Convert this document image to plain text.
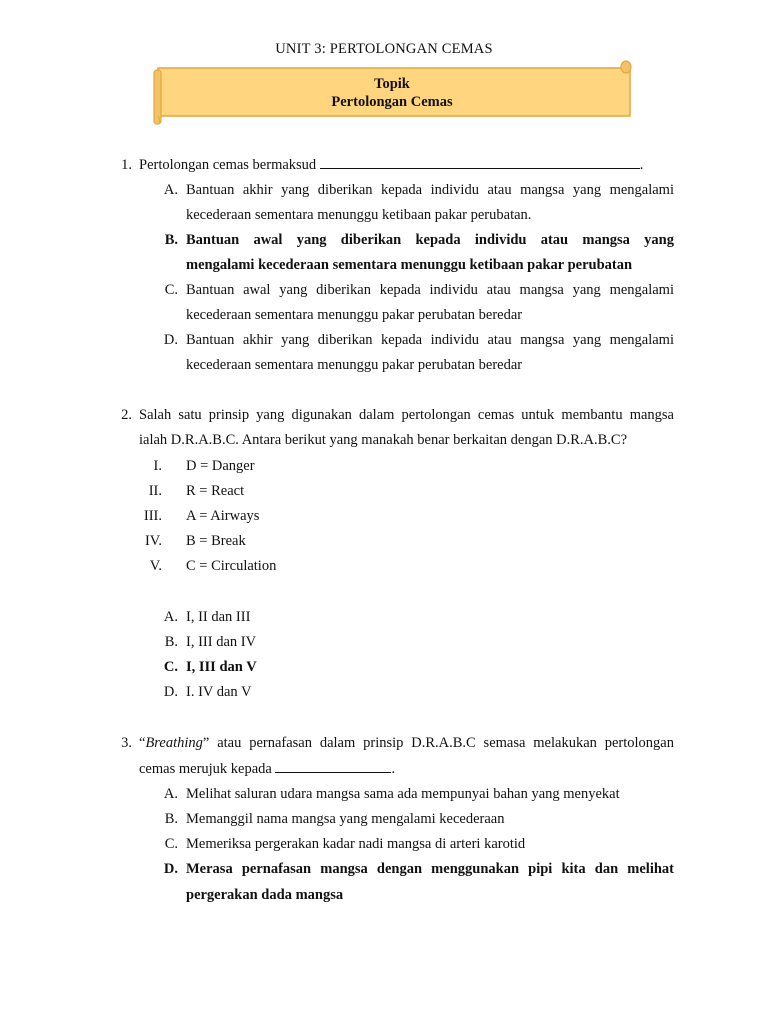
UNIT 3: PERTOLONGAN CEMAS
Topik
Pertolongan Cemas
1. Pertolongan cemas bermaksud	.
A. Bantuan akhir yang diberikan kepada individu atau mangsa yang mengalami
kecederaan sementara menunggu ketibaan pakar perubatan.
B. Bantuan awal yang diberikan kepada individu atau mangsa yang
mengalami kecederaan sementara menunggu ketibaan pakar perubatan
C. Bantuan awal yang diberikan kepada individu atau mangsa yang mengalami
kecederaan sementara menunggu pakar perubatan beredar
D. Bantuan akhir yang diberikan kepada individu atau mangsa yang mengalami
kecederaan sementara menunggu pakar perubatan beredar
2. Salah satu prinsip yang digunakan dalam pertolongan cemas untuk membantu mangsa
ialah D.R.A.B.C. Antara berikut yang manakah benar berkaitan dengan D.R.A.B.C?
I. D = Danger
II. R = React
III. A = Airways
IV. B = Break
V. C = Circulation
A. I, II dan III
B. I, III dan IV
C. I, III dan V
D. I. IV dan V
3. “Breathing” atau pernafasan dalam prinsip D.R.A.B.C semasa melakukan pertolongan
cemas merujuk kepada	.
A. Melihat saluran udara mangsa sama ada mempunyai bahan yang menyekat
B. Memanggil nama mangsa yang mengalami kecederaan
C. Memeriksa pergerakan kadar nadi mangsa di arteri karotid
D. Merasa pernafasan mangsa dengan menggunakan pipi kita dan melihat
pergerakan dada mangsa
